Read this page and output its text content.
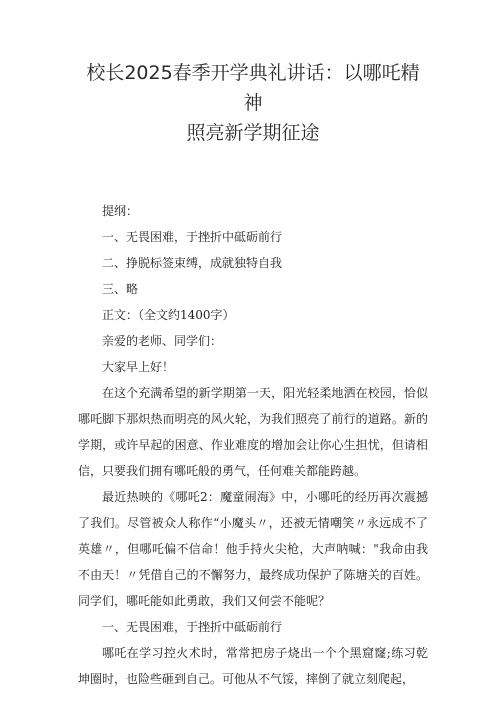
校长2025春季开学典礼讲话：以哪吒精神
照亮新学期征途
提纲：
一、无畏困难，于挫折中砥砺前行
二、挣脱标签束缚，成就独特自我
三、略
正文：（全文约1400字）
亲爱的老师、同学们：
大家早上好！

在这个充满希望的新学期第一天，阳光轻柔地洒在校园，恰似哪吒脚下那炽热而明亮的风火轮，为我们照亮了前行的道路。新的学期，或许早起的困意、作业难度的增加会让你心生担忧，但请相信，只要我们拥有哪吒般的勇气，任何难关都能跨越。

最近热映的《哪吒2：魔童闹海》中，小哪吒的经历再次震撼了我们。尽管被众人称作“小魔头〃，还被无情嘲笑〃永远成不了英雄〃，但哪吒偏不信命！他手持火尖枪，大声呐喊："我命由我不由天！〃凭借自己的不懈努力，最终成功保护了陈塘关的百姓。同学们，哪吒能如此勇敢，我们又何尝不能呢？

一、无畏困难，于挫折中砥砺前行

哪吒在学习控火术时，常常把房子烧出一个个黑窟窿;练习乾坤圈时，也险些砸到自己。可他从不气馁，摔倒了就立刻爬起，
